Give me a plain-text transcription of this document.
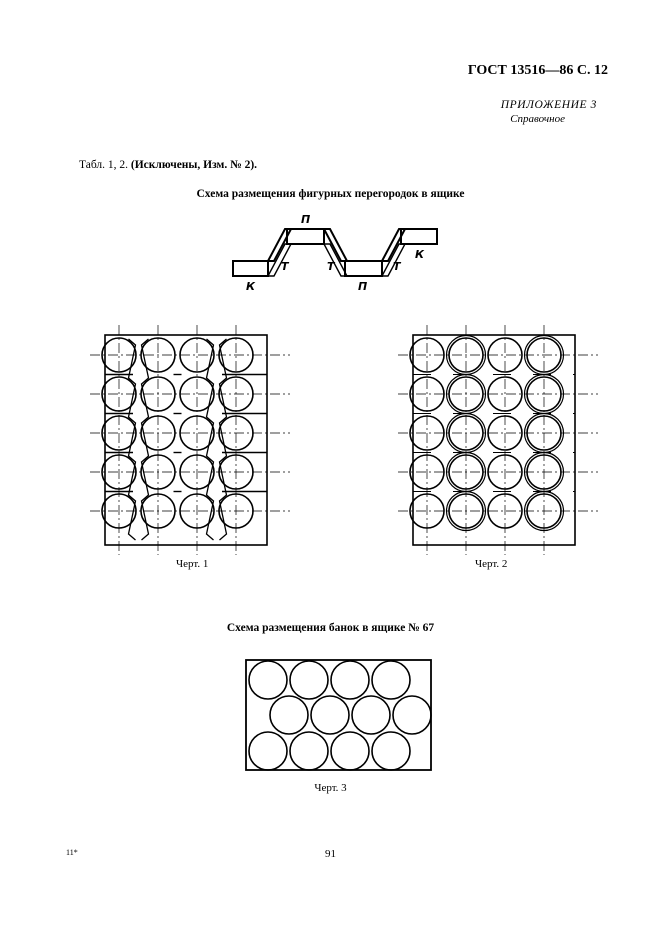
ГОСТ 13516—86 С. 12
ПРИЛОЖЕНИЕ 3
Справочное
Табл. 1, 2. (Исключены, Изм. № 2).
Схема размещения фигурных перегородок в ящике
К
Т
П
Т
П
Т
К
Черт. 1	Черт. 2
Схема размещения банок в ящике № 67
Черт. 3
11*	91
